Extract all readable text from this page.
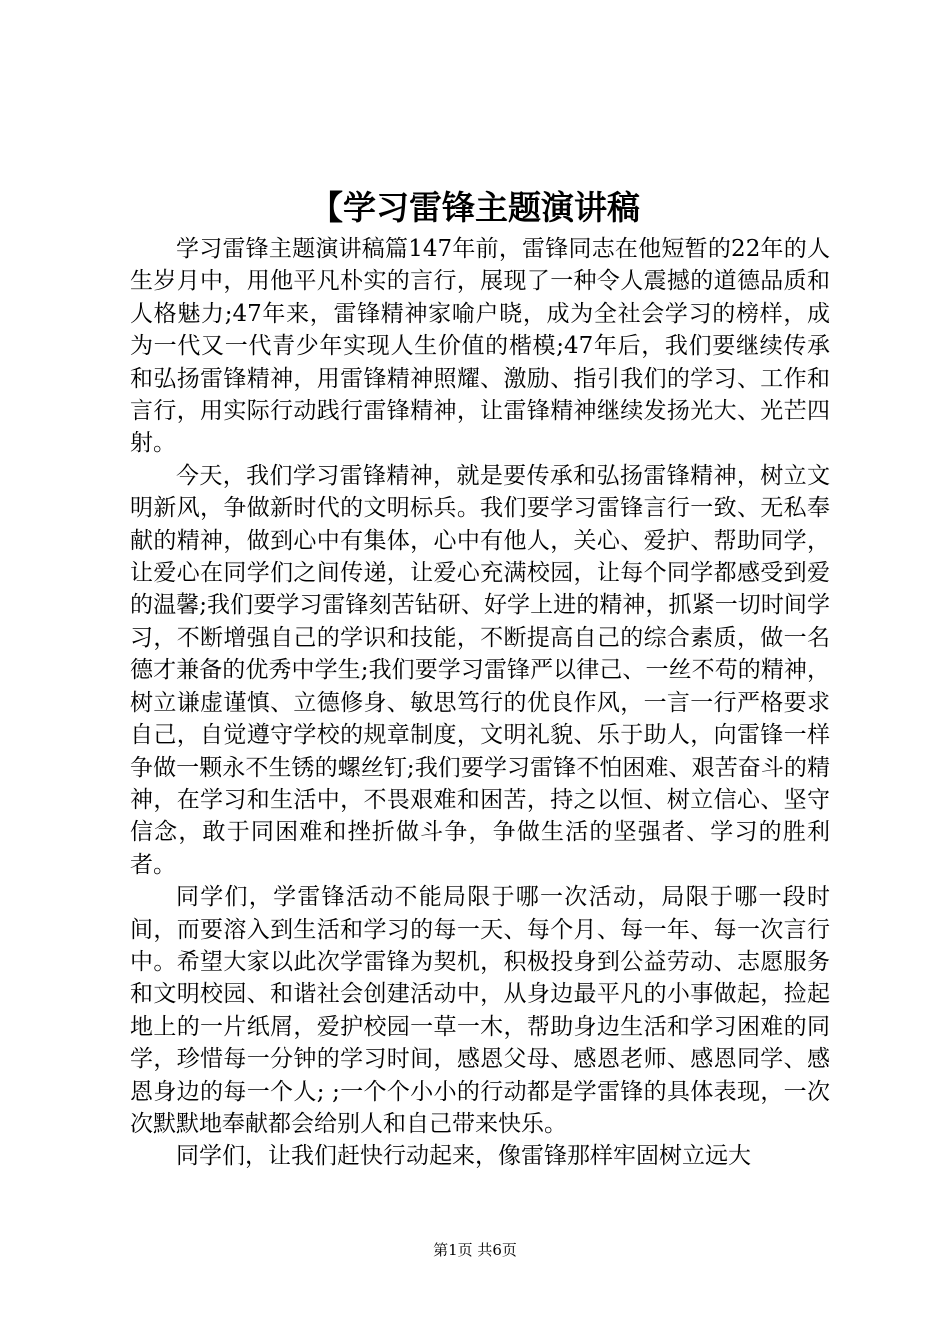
【学习雷锋主题演讲稿

学习雷锋主题演讲稿篇147年前，雷锋同志在他短暂的22年的人生岁月中，用他平凡朴实的言行，展现了一种令人震撼的道德品质和人格魅力;47年来，雷锋精神家喻户晓，成为全社会学习的榜样，成为一代又一代青少年实现人生价值的楷模;47年后，我们要继续传承和弘扬雷锋精神，用雷锋精神照耀、激励、指引我们的学习、工作和言行，用实际行动践行雷锋精神，让雷锋精神继续发扬光大、光芒四射。

今天，我们学习雷锋精神，就是要传承和弘扬雷锋精神，树立文明新风，争做新时代的文明标兵。我们要学习雷锋言行一致、无私奉献的精神，做到心中有集体，心中有他人，关心、爱护、帮助同学，让爱心在同学们之间传递，让爱心充满校园，让每个同学都感受到爱的温馨;我们要学习雷锋刻苦钻研、好学上进的精神，抓紧一切时间学习，不断增强自己的学识和技能，不断提高自己的综合素质，做一名德才兼备的优秀中学生;我们要学习雷锋严以律己、一丝不苟的精神，树立谦虚谨慎、立德修身、敏思笃行的优良作风，一言一行严格要求自己，自觉遵守学校的规章制度，文明礼貌、乐于助人，向雷锋一样争做一颗永不生锈的螺丝钉;我们要学习雷锋不怕困难、艰苦奋斗的精神，在学习和生活中，不畏艰难和困苦，持之以恒、树立信心、坚守信念，敢于同困难和挫折做斗争，争做生活的坚强者、学习的胜利者。

同学们，学雷锋活动不能局限于哪一次活动，局限于哪一段时间，而要溶入到生活和学习的每一天、每个月、每一年、每一次言行中。希望大家以此次学雷锋为契机，积极投身到公益劳动、志愿服务和文明校园、和谐社会创建活动中，从身边最平凡的小事做起，捡起地上的一片纸屑，爱护校园一草一木，帮助身边生活和学习困难的同学，珍惜每一分钟的学习时间，感恩父母、感恩老师、感恩同学、感恩身边的每一个人; ;一个个小小的行动都是学雷锋的具体表现，一次次默默地奉献都会给别人和自己带来快乐。

同学们，让我们赶快行动起来，像雷锋那样牢固树立远大

第1页 共6页
